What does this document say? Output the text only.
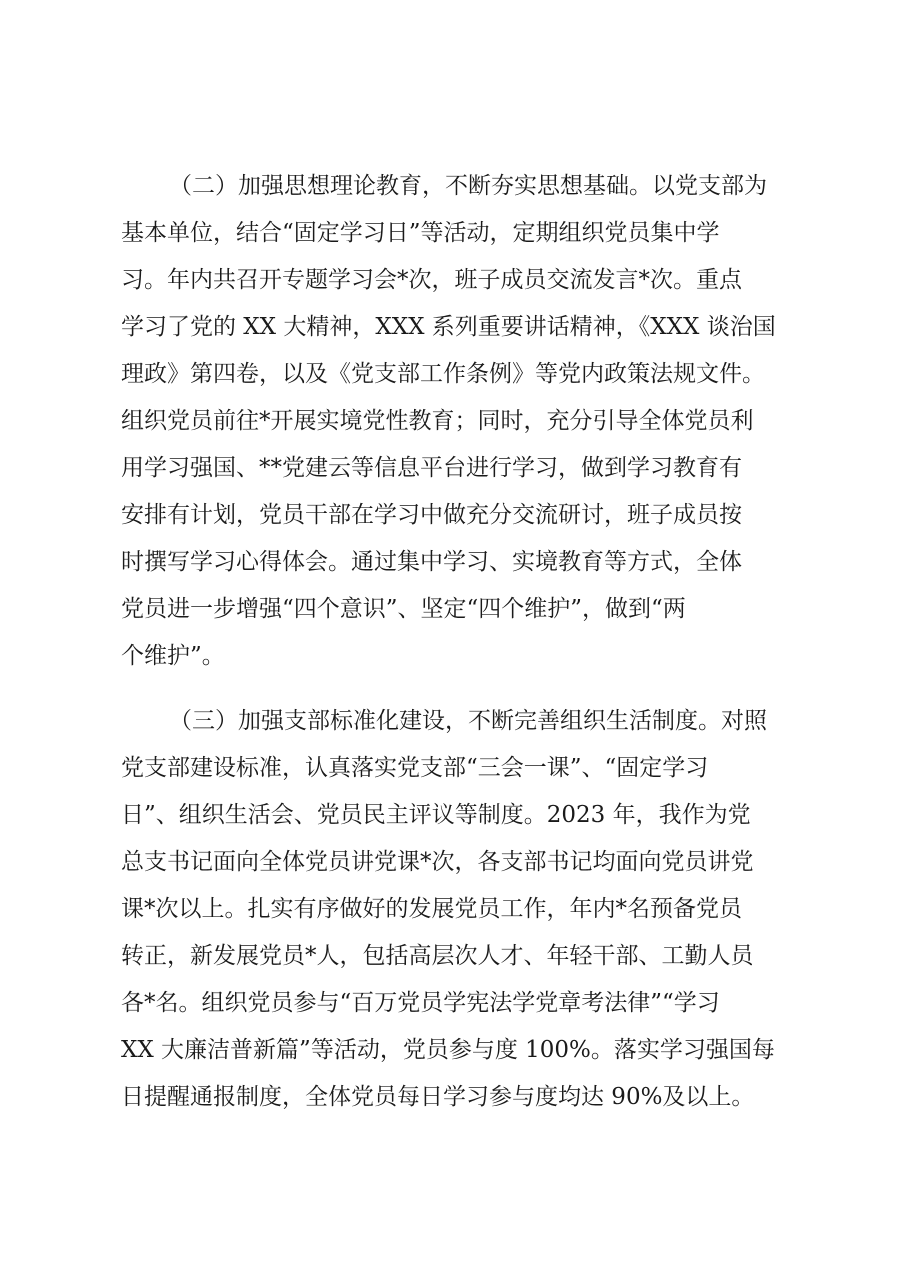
（二）加强思想理论教育，不断夯实思想基础。以党支部为
基本单位，结合“固定学习日”等活动，定期组织党员集中学
习。年内共召开专题学习会*次，班子成员交流发言*次。重点
学习了党的 XX 大精神，XXX 系列重要讲话精神，《XXX 谈治国
理政》第四卷，以及《党支部工作条例》等党内政策法规文件。
组织党员前往*开展实境党性教育；同时，充分引导全体党员利
用学习强国、**党建云等信息平台进行学习，做到学习教育有
安排有计划，党员干部在学习中做充分交流研讨，班子成员按
时撰写学习心得体会。通过集中学习、实境教育等方式，全体
党员进一步增强“四个意识”、坚定“四个维护”，做到“两
个维护”。
（三）加强支部标准化建设，不断完善组织生活制度。对照
党支部建设标准，认真落实党支部“三会一课”、“固定学习
日”、组织生活会、党员民主评议等制度。2023 年，我作为党
总支书记面向全体党员讲党课*次，各支部书记均面向党员讲党
课*次以上。扎实有序做好的发展党员工作，年内*名预备党员
转正，新发展党员*人，包括高层次人才、年轻干部、工勤人员
各*名。组织党员参与“百万党员学宪法学党章考法律”“学习
XX 大廉洁普新篇”等活动，党员参与度 100%。落实学习强国每
日提醒通报制度，全体党员每日学习参与度均达 90%及以上。
